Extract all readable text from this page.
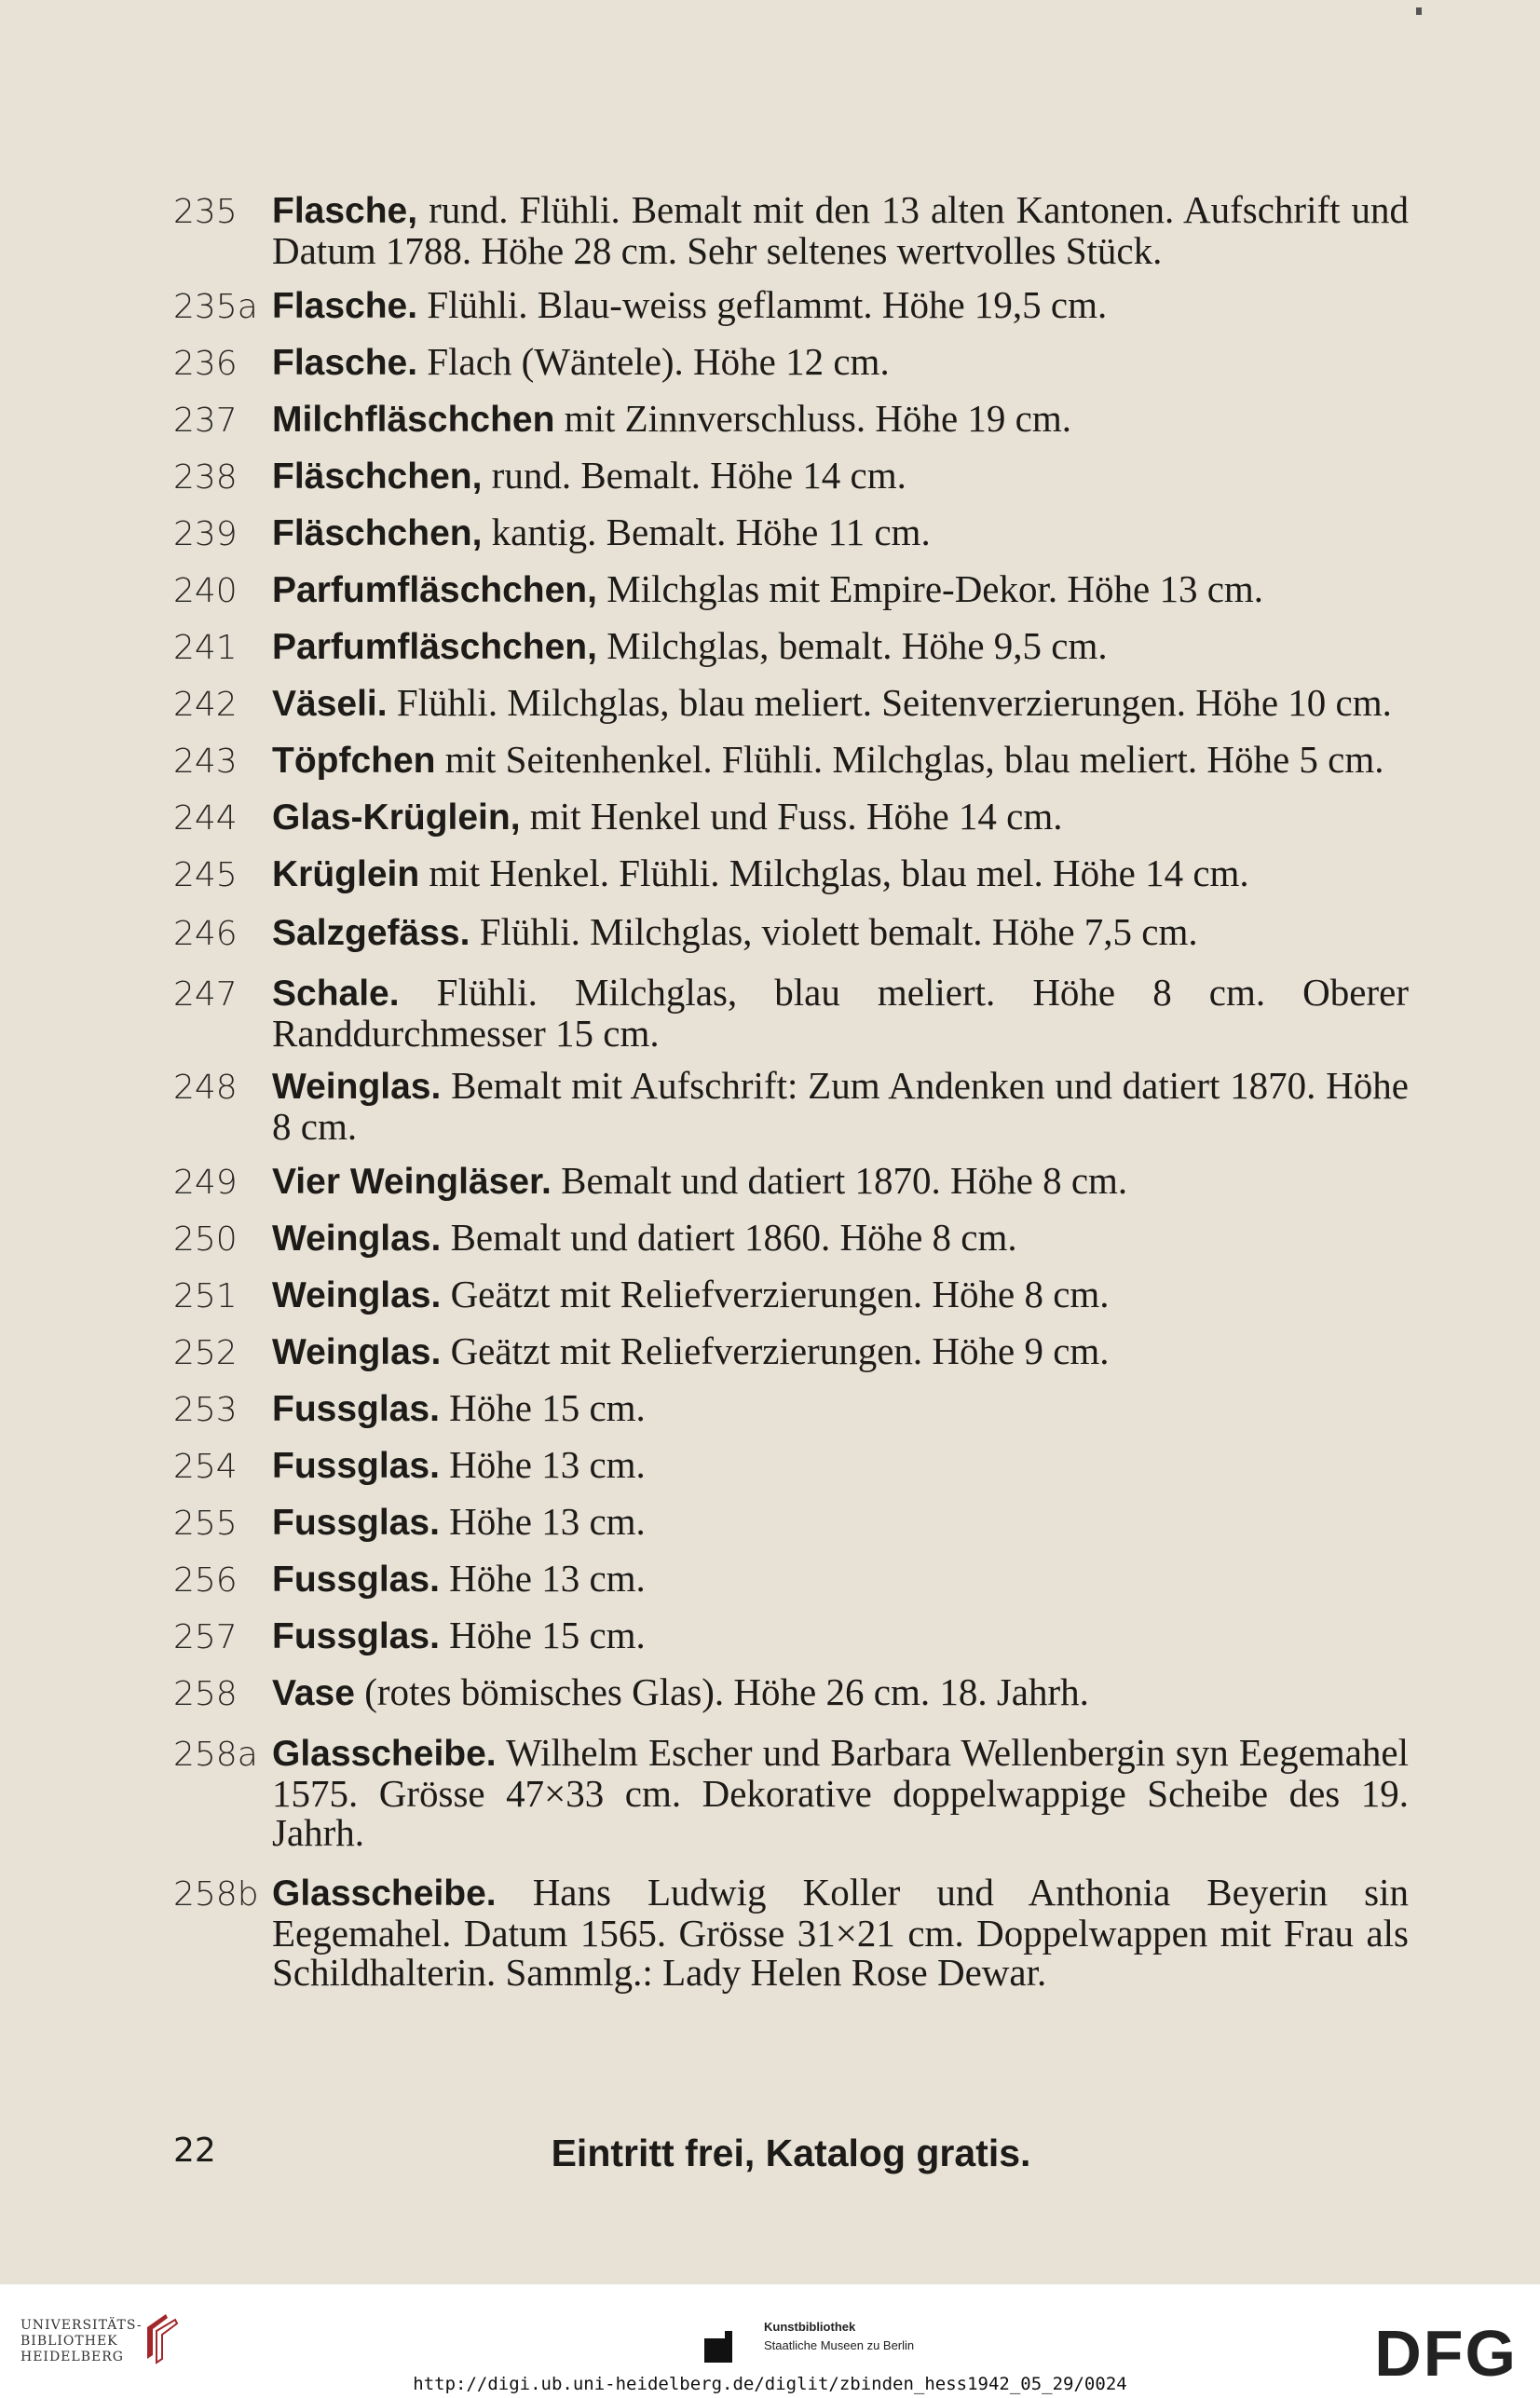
235 Flasche, rund. Flühli. Bemalt mit den 13 alten Kantonen. Aufschrift und Datum 1788. Höhe 28 cm. Sehr seltenes wertvolles Stück.
235a Flasche. Flühli. Blau-weiss geflammt. Höhe 19,5 cm.
236 Flasche. Flach (Wäntele). Höhe 12 cm.
237 Milchfläschchen mit Zinnverschluss. Höhe 19 cm.
238 Fläschchen, rund. Bemalt. Höhe 14 cm.
239 Fläschchen, kantig. Bemalt. Höhe 11 cm.
240 Parfumfläschchen, Milchglas mit Empire-Dekor. Höhe 13 cm.
241 Parfumfläschchen, Milchglas, bemalt. Höhe 9,5 cm.
242 Väseli. Flühli. Milchglas, blau meliert. Seitenverzierungen. Höhe 10 cm.
243 Töpfchen mit Seitenhenkel. Flühli. Milchglas, blau meliert. Höhe 5 cm.
244 Glas-Krüglein, mit Henkel und Fuss. Höhe 14 cm.
245 Krüglein mit Henkel. Flühli. Milchglas, blau mel. Höhe 14 cm.
246 Salzgefäss. Flühli. Milchglas, violett bemalt. Höhe 7,5 cm.
247 Schale. Flühli. Milchglas, blau meliert. Höhe 8 cm. Oberer Randdurchmesser 15 cm.
248 Weinglas. Bemalt mit Aufschrift: Zum Andenken und datiert 1870. Höhe 8 cm.
249 Vier Weingläser. Bemalt und datiert 1870. Höhe 8 cm.
250 Weinglas. Bemalt und datiert 1860. Höhe 8 cm.
251 Weinglas. Geätzt mit Reliefverzierungen. Höhe 8 cm.
252 Weinglas. Geätzt mit Reliefverzierungen. Höhe 9 cm.
253 Fussglas. Höhe 15 cm.
254 Fussglas. Höhe 13 cm.
255 Fussglas. Höhe 13 cm.
256 Fussglas. Höhe 13 cm.
257 Fussglas. Höhe 15 cm.
258 Vase (rotes bömisches Glas). Höhe 26 cm. 18. Jahrh.
258a Glasscheibe. Wilhelm Escher und Barbara Wellenbergin syn Eegemahel 1575. Grösse 47×33 cm. Dekorative doppelwappige Scheibe des 19. Jahrh.
258b Glasscheibe. Hans Ludwig Koller und Anthonia Beyerin sin Eegemahel. Datum 1565. Grösse 31×21 cm. Doppelwappen mit Frau als Schildhalterin. Sammlg.: Lady Helen Rose Dewar.
22	Eintritt frei, Katalog gratis.
UNIVERSITÄTS-
BIBLIOTHEK
HEIDELBERG
Kunstbibliothek
Staatliche Museen zu Berlin	DFG
http://digi.ub.uni-heidelberg.de/diglit/zbinden_hess1942_05_29/0024
